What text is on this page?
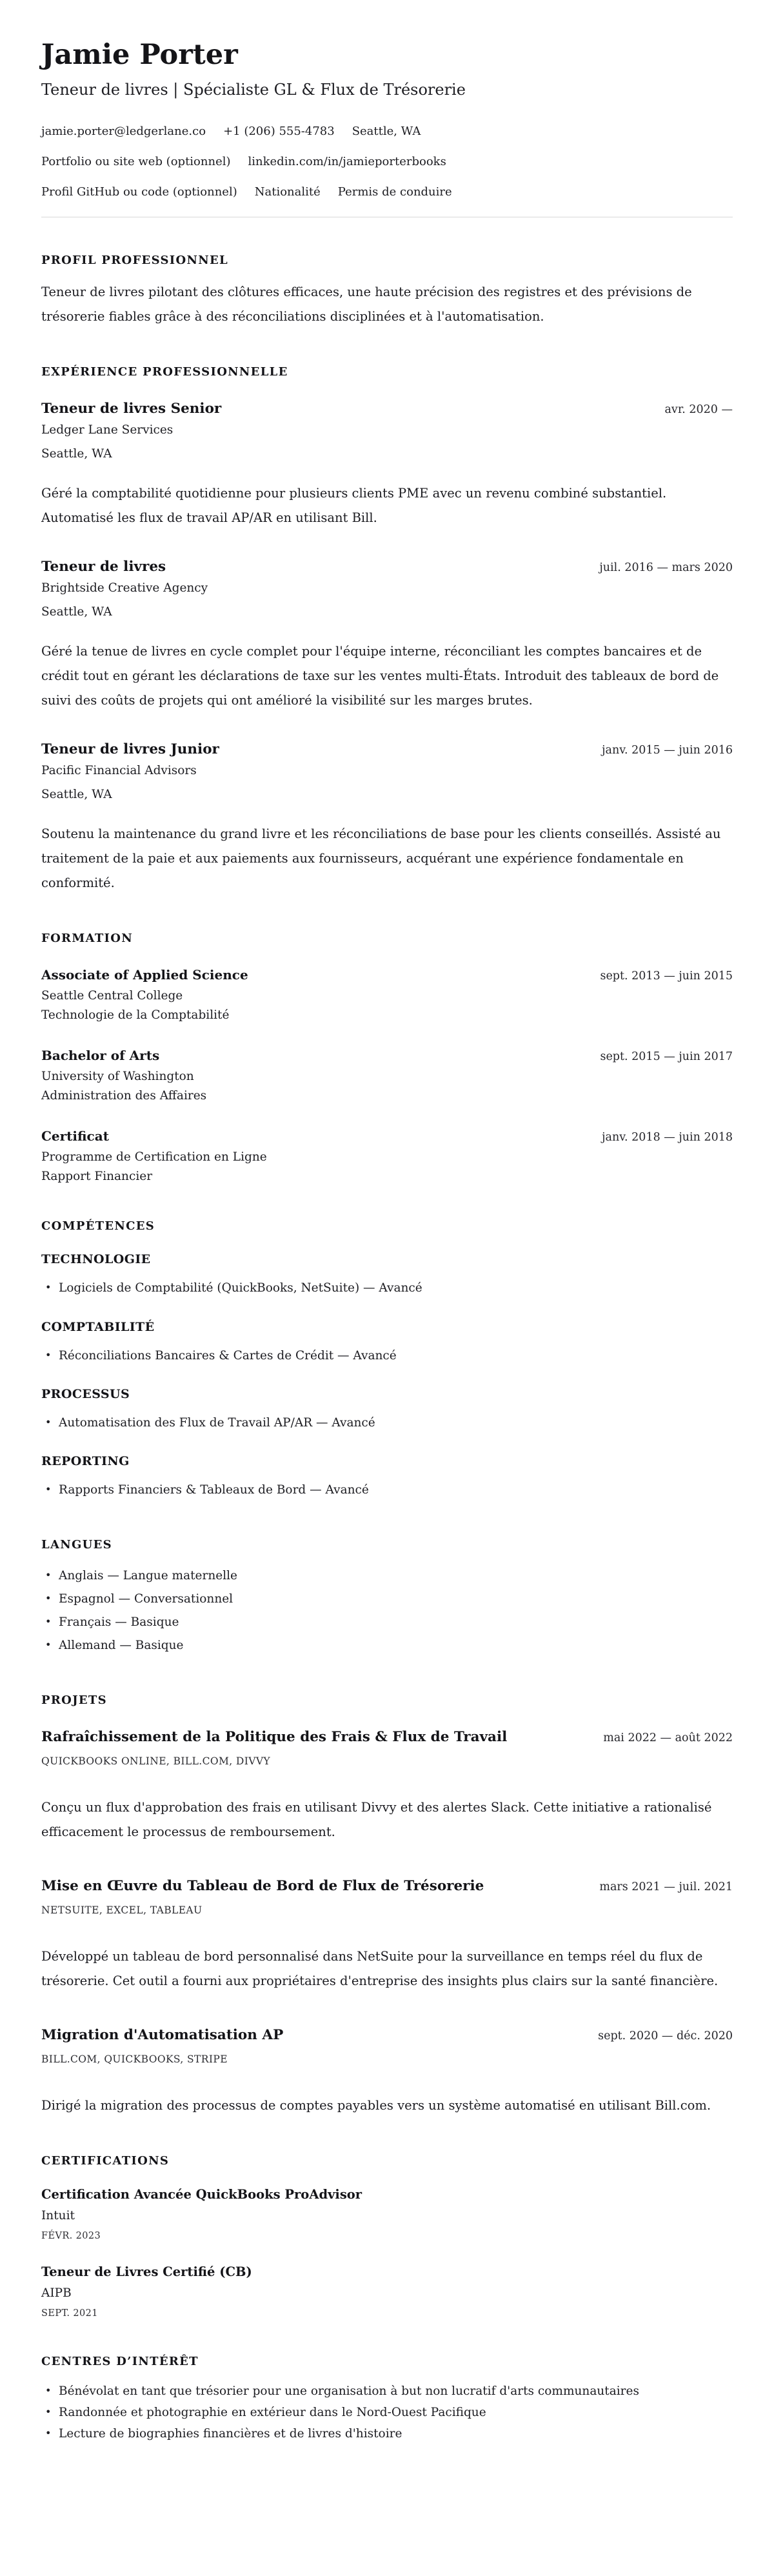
Jamie Porter
Teneur de livres | Spécialiste GL & Flux de Trésorerie
jamie.porter@ledgerlane.co +1 (206) 555-4783 Seattle, WA
Portfolio ou site web (optionnel) linkedin.com/in/jamieporterbooks
Profil GitHub ou code (optionnel) Nationalité Permis de conduire
PROFIL PROFESSIONNEL

Teneur de livres pilotant des clôtures efficaces, une haute précision des registres et des prévisions de trésorerie fiables grâce à des réconciliations disciplinées et à l'automatisation.

EXPÉRIENCE PROFESSIONNELLE
Teneur de livres Senior	avr. 2020 —
Ledger Lane Services
Seattle, WA

Géré la comptabilité quotidienne pour plusieurs clients PME avec un revenu combiné substantiel. Automatisé les flux de travail AP/AR en utilisant Bill.

Teneur de livres	juil. 2016 — mars 2020
Brightside Creative Agency
Seattle, WA

Géré la tenue de livres en cycle complet pour l'équipe interne, réconciliant les comptes bancaires et de crédit tout en gérant les déclarations de taxe sur les ventes multi-États. Introduit des tableaux de bord de suivi des coûts de projets qui ont amélioré la visibilité sur les marges brutes.

Teneur de livres Junior	janv. 2015 — juin 2016
Pacific Financial Advisors
Seattle, WA

Soutenu la maintenance du grand livre et les réconciliations de base pour les clients conseillés. Assisté au traitement de la paie et aux paiements aux fournisseurs, acquérant une expérience fondamentale en conformité.

FORMATION
Associate of Applied Science	sept. 2013 — juin 2015
Seattle Central College
Technologie de la Comptabilité
Bachelor of Arts	sept. 2015 — juin 2017
University of Washington
Administration des Affaires
Certificat	janv. 2018 — juin 2018
Programme de Certification en Ligne
Rapport Financier
COMPÉTENCES
TECHNOLOGIE
• Logiciels de Comptabilité (QuickBooks, NetSuite) — Avancé
COMPTABILITÉ
• Réconciliations Bancaires & Cartes de Crédit — Avancé
PROCESSUS
• Automatisation des Flux de Travail AP/AR — Avancé
REPORTING
• Rapports Financiers & Tableaux de Bord — Avancé
LANGUES
• Anglais — Langue maternelle
• Espagnol — Conversationnel
• Français — Basique
• Allemand — Basique
PROJETS
Rafraîchissement de la Politique des Frais & Flux de Travail	mai 2022 — août 2022
QUICKBOOKS ONLINE, BILL.COM, DIVVY

Conçu un flux d'approbation des frais en utilisant Divvy et des alertes Slack. Cette initiative a rationalisé efficacement le processus de remboursement.

Mise en Œuvre du Tableau de Bord de Flux de Trésorerie	mars 2021 — juil. 2021
NETSUITE, EXCEL, TABLEAU

Développé un tableau de bord personnalisé dans NetSuite pour la surveillance en temps réel du flux de trésorerie. Cet outil a fourni aux propriétaires d'entreprise des insights plus clairs sur la santé financière.

Migration d'Automatisation AP	sept. 2020 — déc. 2020
BILL.COM, QUICKBOOKS, STRIPE

Dirigé la migration des processus de comptes payables vers un système automatisé en utilisant Bill.com.

CERTIFICATIONS
Certification Avancée QuickBooks ProAdvisor
Intuit
FÉVR. 2023
Teneur de Livres Certifié (CB)
AIPB
SEPT. 2021
CENTRES D’INTÉRÊT
• Bénévolat en tant que trésorier pour une organisation à but non lucratif d'arts communautaires
• Randonnée et photographie en extérieur dans le Nord-Ouest Pacifique
• Lecture de biographies financières et de livres d'histoire
